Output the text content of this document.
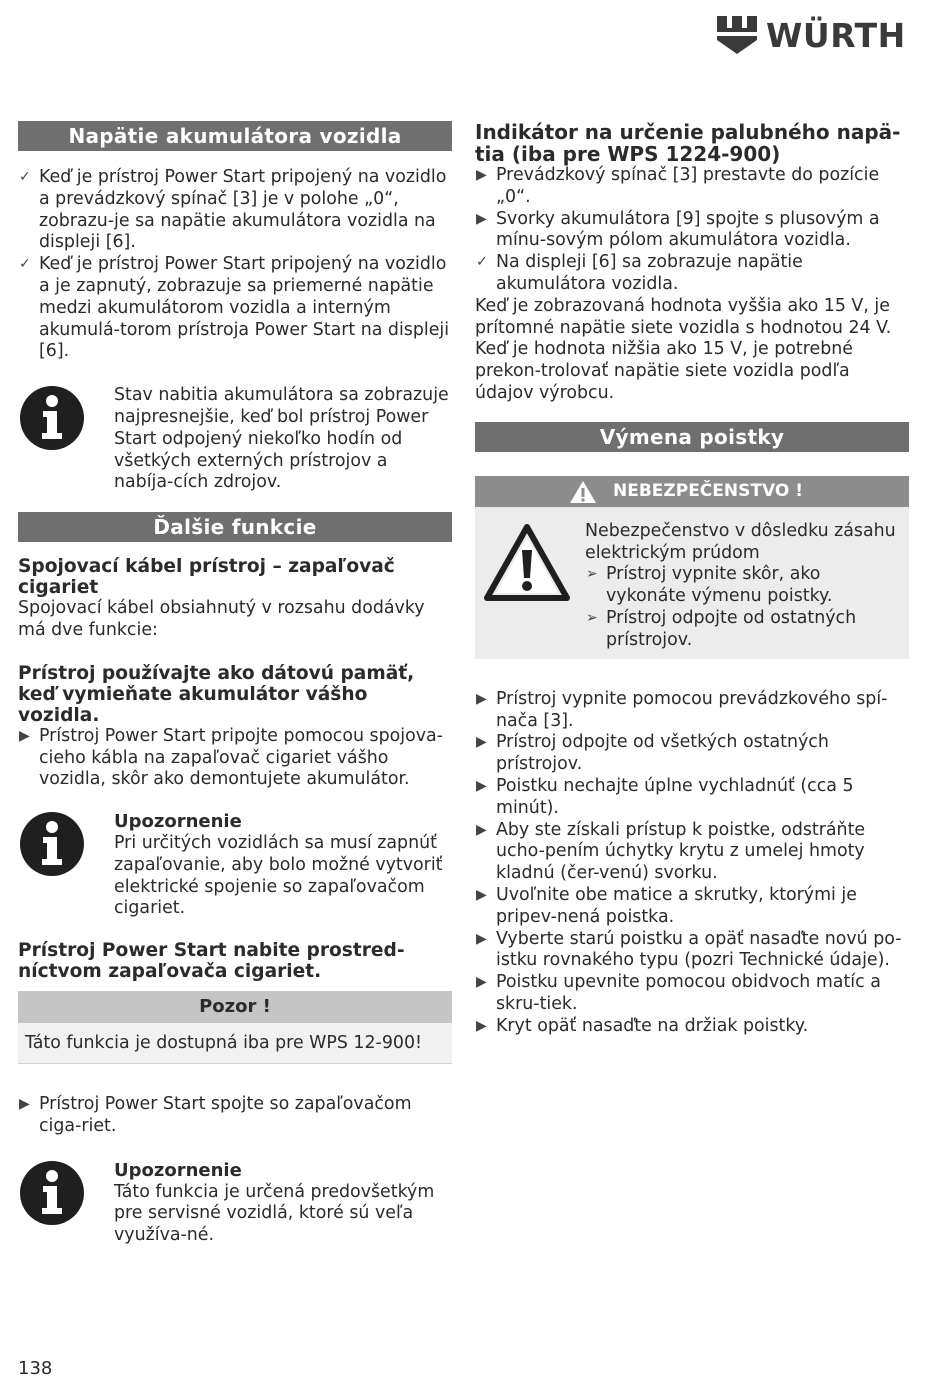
WÜRTH
Napätie akumulátora vozidla
✓ Keď je prístroj Power Start pripojený na vozidlo a prevádzkový spínač [3] je v polohe „0“, zobrazu-je sa napätie akumulátora vozidla na displeji [6].
✓ Keď je prístroj Power Start pripojený na vozidlo a je zapnutý, zobrazuje sa priemerné napätie medzi akumulátorom vozidla a interným akumulá-torom prístroja Power Start na displeji [6].
Stav nabitia akumulátora sa zobrazuje najpresnejšie, keď bol prístroj Power Start odpojený niekoľko hodín od všetkých externých prístrojov a nabíja-cích zdrojov.
Ďalšie funkcie
Spojovací kábel prístroj – zapaľovač cigariet
Spojovací kábel obsiahnutý v rozsahu dodávky má dve funkcie:
Prístroj používajte ako dátovú pamäť, keď vymieňate akumulátor vášho vozidla.
▶ Prístroj Power Start pripojte pomocou spojova-cieho kábla na zapaľovač cigariet vášho vozidla, skôr ako demontujete akumulátor.
Upozornenie
Pri určitých vozidlách sa musí zapnúť zapaľovanie, aby bolo možné vytvoriť elektrické spojenie so zapaľovačom cigariet.
Prístroj Power Start nabite prostred-níctvom zapaľovača cigariet.
Pozor !
Táto funkcia je dostupná iba pre WPS 12-900!
▶ Prístroj Power Start spojte so zapaľovačom ciga-riet.
Upozornenie
Táto funkcia je určená predovšetkým pre servisné vozidlá, ktoré sú veľa využíva-né.
Indikátor na určenie palubného napä-tia (iba pre WPS 1224-900)
▶ Prevádzkový spínač [3] prestavte do pozície „0“.
▶ Svorky akumulátora [9] spojte s plusovým a mínu-sovým pólom akumulátora vozidla.
✓ Na displeji [6] sa zobrazuje napätie akumulátora vozidla.
Keď je zobrazovaná hodnota vyššia ako 15 V, je prítomné napätie siete vozidla s hodnotou 24 V. Keď je hodnota nižšia ako 15 V, je potrebné prekon-trolovať napätie siete vozidla podľa údajov výrobcu.
Výmena poistky
NEBEZPEČENSTVO !
Nebezpečenstvo v dôsledku zásahu elektrickým prúdom
➢ Prístroj vypnite skôr, ako vykonáte výmenu poistky.
➢ Prístroj odpojte od ostatných prístrojov.
▶ Prístroj vypnite pomocou prevádzkového spí-nača [3].
▶ Prístroj odpojte od všetkých ostatných prístrojov.
▶ Poistku nechajte úplne vychladnúť (cca 5 minút).
▶ Aby ste získali prístup k poistke, odstráňte ucho-pením úchytky krytu z umelej hmoty kladnú (čer-venú) svorku.
▶ Uvoľnite obe matice a skrutky, ktorými je pripev-nená poistka.
▶ Vyberte starú poistku a opäť nasaďte novú po-istku rovnakého typu (pozri Technické údaje).
▶ Poistku upevnite pomocou obidvoch matíc a skru-tiek.
▶ Kryt opäť nasaďte na držiak poistky.
138
